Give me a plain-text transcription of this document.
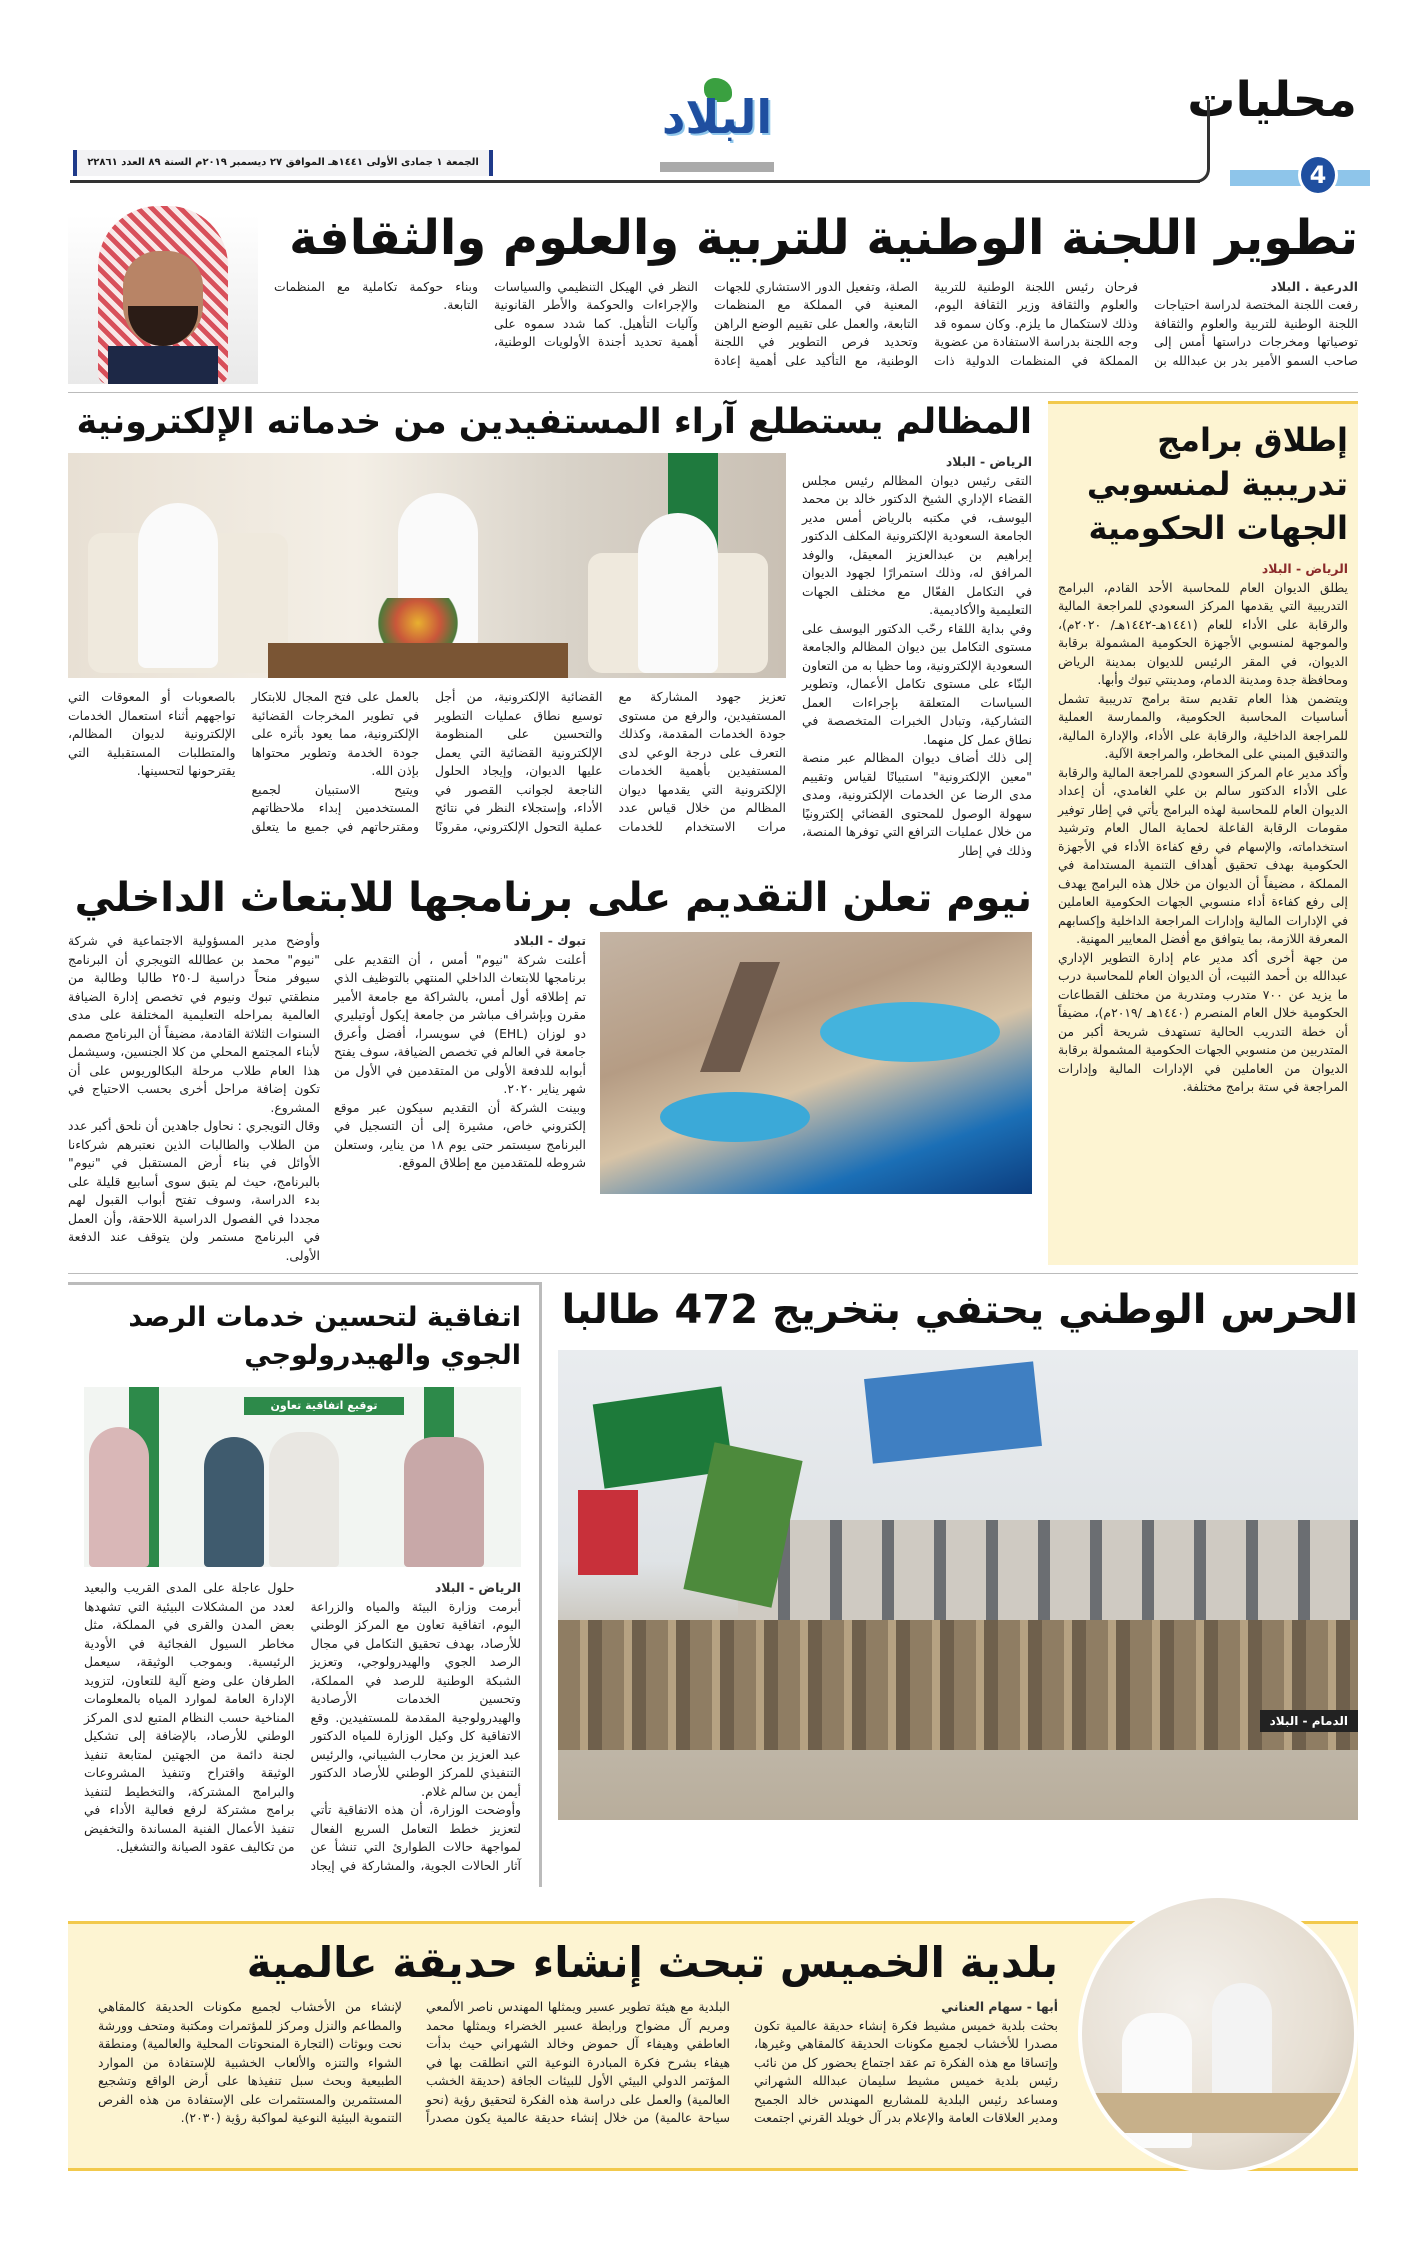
محليات
4
البلاد
الجمعة ١ جمادى الأولى ١٤٤١هـ الموافق ٢٧ ديسمبر ٢٠١٩م السنة ٨٩ العدد ٢٢٨٦١
تطوير اللجنة الوطنية للتربية والعلوم والثقافة

الدرعية . البلاد

رفعت اللجنة المختصة لدراسة احتياجات اللجنة الوطنية للتربية والعلوم والثقافة توصياتها ومخرجات دراستها أمس إلى صاحب السمو الأمير بدر بن عبدالله بن فرحان رئيس اللجنة الوطنية للتربية والعلوم والثقافة وزير الثقافة اليوم، وذلك لاستكمال ما يلزم. وكان سموه قد وجه اللجنة بدراسة الاستفادة من عضوية المملكة في المنظمات الدولية ذات الصلة، وتفعيل الدور الاستشاري للجهات المعنية في المملكة مع المنظمات التابعة، والعمل على تقييم الوضع الراهن وتحديد فرص التطوير في اللجنة الوطنية، مع التأكيد على أهمية إعادة النظر في الهيكل التنظيمي والسياسات والإجراءات والحوكمة والأطر القانونية وآليات التأهيل. كما شدد سموه على أهمية تحديد أجندة الأولويات الوطنية، وبناء حوكمة تكاملية مع المنظمات التابعة.

إطلاق برامج تدريبية لمنسوبي الجهات الحكومية

الرياض - البلاد

يطلق الديوان العام للمحاسبة الأحد القادم، البرامج التدريبية التي يقدمها المركز السعودي للمراجعة المالية والرقابة على الأداء للعام (١٤٤١هـ-١٤٤٢هـ/ ٢٠٢٠م)، والموجهة لمنسوبي الأجهزة الحكومية المشمولة برقابة الديوان، في المقر الرئيس للديوان بمدينة الرياض ومحافظة جدة ومدينة الدمام، ومدينتي تبوك وأبها.

ويتضمن هذا العام تقديم ستة برامج تدريبية تشمل أساسيات المحاسبة الحكومية، والممارسة العملية للمراجعة الداخلية، والرقابة على الأداء، والإدارة المالية، والتدقيق المبني على المخاطر، والمراجعة الآلية.

وأكد مدير عام المركز السعودي للمراجعة المالية والرقابة على الأداء الدكتور سالم بن علي الغامدي، أن إعداد الديوان العام للمحاسبة لهذه البرامج يأتي في إطار توفير مقومات الرقابة الفاعلة لحماية المال العام وترشيد استخداماته، والإسهام في رفع كفاءة الأداء في الأجهزة الحكومية بهدف تحقيق أهداف التنمية المستدامة في المملكة ، مضيفاً أن الديوان من خلال هذه البرامج يهدف إلى رفع كفاءة أداء منسوبي الجهات الحكومية العاملين في الإدارات المالية وإدارات المراجعة الداخلية وإكسابهم المعرفة اللازمة، بما يتوافق مع أفضل المعايير المهنية.

من جهة أخرى أكد مدير عام إدارة التطوير الإداري عبدالله بن أحمد الثبيت، أن الديوان العام للمحاسبة درب ما يزيد عن ٧٠٠ متدرب ومتدربة من مختلف القطاعات الحكومية خلال العام المنصرم (١٤٤٠هـ /٢٠١٩م)، مضيفاً أن خطة التدريب الحالية تستهدف شريحة أكبر من المتدربين من منسوبي الجهات الحكومية المشمولة برقابة الديوان من العاملين في الإدارات المالية وإدارات المراجعة في ستة برامج مختلفة.

المظالم يستطلع آراء المستفيدين من خدماته الإلكترونية

الرياض - البلاد

التقى رئيس ديوان المظالم رئيس مجلس القضاء الإداري الشيخ الدكتور خالد بن محمد اليوسف، في مكتبه بالرياض أمس مدير الجامعة السعودية الإلكترونية المكلف الدكتور إبراهيم بن عبدالعزيز المعيقل، والوفد المرافق له، وذلك استمرارًا لجهود الديوان في التكامل الفعّال مع مختلف الجهات التعليمية والأكاديمية.

وفي بداية اللقاء رحّب الدكتور اليوسف على مستوى التكامل بين ديوان المظالم والجامعة السعودية الإلكترونية، وما حظيا به من التعاون البنّاء على مستوى تكامل الأعمال، وتطوير السياسات المتعلقة بإجراءات العمل التشاركية، وتبادل الخبرات المتخصصة في نطاق عمل كل منهما.

إلى ذلك أضاف ديوان المظالم عبر منصة "معين الإلكترونية" استبيانًا لقياس وتقييم مدى الرضا عن الخدمات الإلكترونية، ومدى سهولة الوصول للمحتوى القضائي إلكترونيًا من خلال عمليات الترافع التي توفرها المنصة، وذلك في إطار

تعزيز جهود المشاركة مع المستفيدين، والرفع من مستوى جودة الخدمات المقدمة، وكذلك التعرف على درجة الوعي لدى المستفيدين بأهمية الخدمات الإلكترونية التي يقدمها ديوان المظالم من خلال قياس عدد مرات الاستخدام للخدمات القضائية الإلكترونية، من أجل توسيع نطاق عمليات التطوير والتحسين على المنظومة الإلكترونية القضائية التي يعمل عليها الديوان، وإيجاد الحلول الناجعة لجوانب القصور في الأداء، وإستجلاء النظر في نتائج عملية التحول الإلكتروني، مقرونًا بالعمل على فتح المجال للابتكار في تطوير المخرجات القضائية الإلكترونية، مما يعود بأثره على جودة الخدمة وتطوير محتواها بإذن الله.

ويتيح الاستبيان لجميع المستخدمين إبداء ملاحظاتهم ومقترحاتهم في جميع ما يتعلق بالصعوبات أو المعوقات التي تواجههم أثناء استعمال الخدمات الإلكترونية لديوان المظالم، والمتطلبات المستقبلية التي يقترحونها لتحسينها.

نيوم تعلن التقديم على برنامجها للابتعاث الداخلي

تبوك - البلاد

أعلنت شركة "نيوم" أمس ، أن التقديم على برنامجها للابتعاث الداخلي المنتهي بالتوظيف الذي تم إطلاقه أول أمس، بالشراكة مع جامعة الأمير مقرن وبإشراف مباشر من جامعة إيكول أوتيليري دو لوزان (EHL) في سويسرا، أفضل وأعرق جامعة في العالم في تخصص الضيافة، سوف يفتح أبوابه للدفعة الأولى من المتقدمين في الأول من شهر يناير ٢٠٢٠.

وبينت الشركة أن التقديم سيكون عبر موقع إلكتروني خاص، مشيرة إلى أن التسجيل في البرنامج سيستمر حتى يوم ١٨ من يناير، وستعلن شروطه للمتقدمين مع إطلاق الموقع.

وأوضح مدير المسؤولية الاجتماعية في شركة "نيوم" محمد بن عطالله التويجري أن البرنامج سيوفر منحاً دراسية لـ٢٥٠ طالبا وطالبة من منطقتي تبوك ونيوم في تخصص إدارة الضيافة العالمية بمراحله التعليمية المختلفة على مدى السنوات الثلاثة القادمة، مضيفاً أن البرنامج مصمم لأبناء المجتمع المحلي من كلا الجنسين، وسيشمل هذا العام طلاب مرحلة البكالوريوس على أن تكون إضافة مراحل أخرى بحسب الاحتياج في المشروع.

وقال التويجري : نحاول جاهدين أن نلحق أكبر عدد من الطلاب والطالبات الذين نعتبرهم شركاءنا الأوائل في بناء أرض المستقبل في "نيوم" بالبرنامج، حيث لم يتبق سوى أسابيع قليلة على بدء الدراسة، وسوف تفتح أبواب القبول لهم مجددا في الفصول الدراسية اللاحقة، وأن العمل في البرنامج مستمر ولن يتوقف عند الدفعة الأولى.

الحرس الوطني يحتفي بتخريج 472 طالبا
الدمام - البلاد
اتفاقية لتحسين خدمات الرصد الجوي والهيدرولوجي
توقيع اتفاقية تعاون

الرياض - البلاد

أبرمت وزارة البيئة والمياه والزراعة اليوم، اتفاقية تعاون مع المركز الوطني للأرصاد، بهدف تحقيق التكامل في مجال الرصد الجوي والهيدرولوجي، وتعزيز الشبكة الوطنية للرصد في المملكة، وتحسين الخدمات الأرصادية والهيدرولوجية المقدمة للمستفيدين. وقع الاتفاقية كل وكيل الوزارة للمياه الدكتور عبد العزيز بن محارب الشيباني، والرئيس التنفيذي للمركز الوطني للأرصاد الدكتور أيمن بن سالم غلام.

وأوضحت الوزارة، أن هذه الاتفاقية تأتي لتعزيز خطط التعامل السريع الفعال لمواجهة حالات الطوارئ التي تنشأ عن آثار الحالات الجوية، والمشاركة في إيجاد حلول عاجلة على المدى القريب والبعيد لعدد من المشكلات البيئية التي تشهدها بعض المدن والقرى في المملكة، مثل مخاطر السيول الفجائية في الأودية الرئيسية. وبموجب الوثيقة، سيعمل الطرفان على وضع آلية للتعاون، لتزويد الإدارة العامة لموارد المياه بالمعلومات المناخية حسب النظام المتبع لدى المركز الوطني للأرصاد، بالإضافة إلى تشكيل لجنة دائمة من الجهتين لمتابعة تنفيذ الوثيقة واقتراح وتنفيذ المشروعات والبرامج المشتركة، والتخطيط لتنفيذ برامج مشتركة لرفع فعالية الأداء في تنفيذ الأعمال الفنية المساندة والتخفيض من تكاليف عقود الصيانة والتشغيل.

بلدية الخميس تبحث إنشاء حديقة عالمية

أبها - سهام العناني

بحثت بلدية خميس مشيط فكرة إنشاء حديقة عالمية تكون مصدرا للأخشاب لجميع مكونات الحديقة كالمقاهي وغيرها، وإتساقا مع هذه الفكرة تم عقد اجتماع بحضور كل من نائب رئيس بلدية خميس مشيط سليمان عبدالله الشهراني ومساعد رئيس البلدية للمشاريع المهندس خالد الجميح ومدير العلاقات العامة والإعلام بدر آل خويلد القرني اجتمعت البلدية مع هيئة تطوير عسير ويمثلها المهندس ناصر الألمعي ومريم آل مضواح ورابطة عسير الخضراء ويمثلها محمد العاطفي وهيفاء آل حموض وخالد الشهراني حيث بدأت هيفاء بشرح فكرة المبادرة النوعية التي انطلقت بها في المؤتمر الدولي البيئي الأول للبيئات الجافة (حديقة الخشب العالمية) والعمل على دراسة هذه الفكرة لتحقيق رؤية (نحو سياحة عالمية) من خلال إنشاء حديقة عالمية يكون مصدراً لإنشاء من الأخشاب لجميع مكونات الحديقة كالمقاهي والمطاعم والنزل ومركز للمؤتمرات ومكتبة ومتحف وورشة نحت وبوثات (التجارة المنحوتات المحلية والعالمية) ومنطقة الشواء والتنزه والألعاب الخشبية للإستفادة من الموارد الطبيعية وبحث سبل تنفيذها على أرض الواقع وتشجيع المستثمرين والمستثمرات على الإستفادة من هذه الفرص التنموية البيئية النوعية لمواكبة رؤية (٢٠٣٠).
